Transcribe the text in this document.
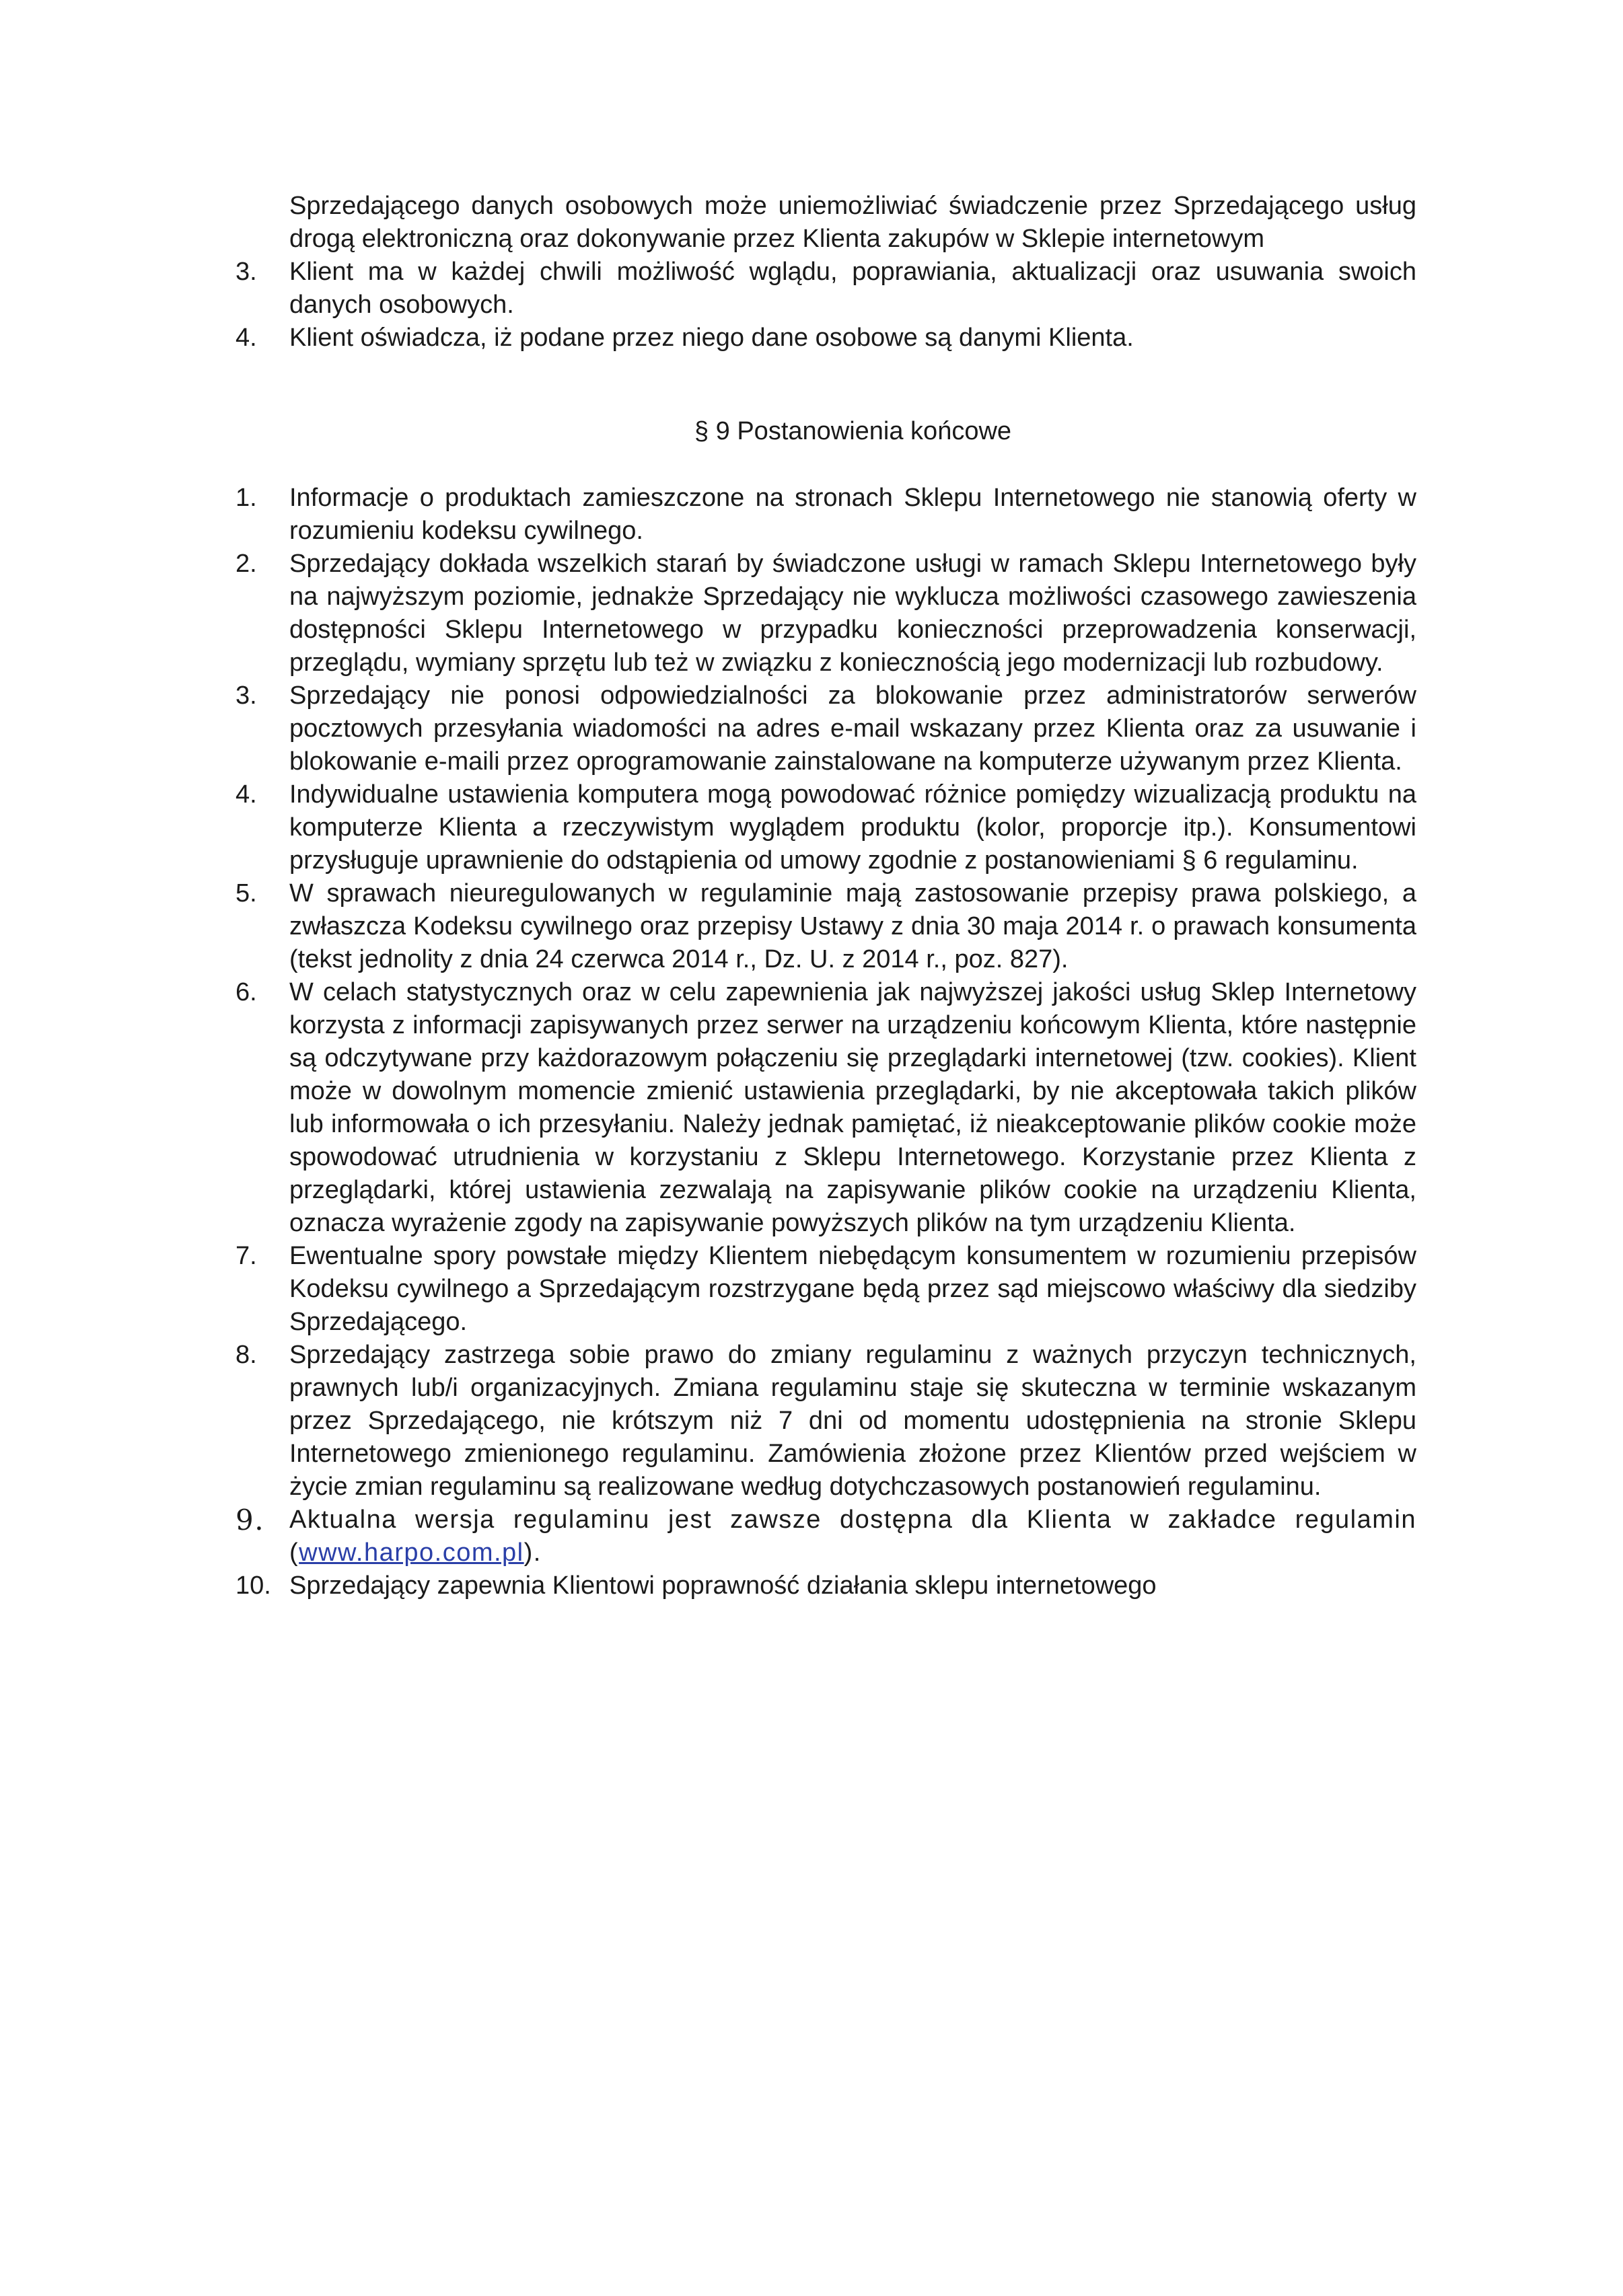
Sprzedającego danych osobowych może uniemożliwiać świadczenie przez Sprzedającego usług drogą elektroniczną oraz dokonywanie przez Klienta zakupów w Sklepie internetowym
3.	Klient ma w każdej chwili możliwość wglądu, poprawiania, aktualizacji oraz usuwania swoich danych osobowych.
4.	Klient oświadcza, iż podane przez niego dane osobowe są danymi Klienta.
§ 9 Postanowienia końcowe
1.	Informacje o produktach zamieszczone na stronach Sklepu Internetowego nie stanowią oferty w rozumieniu kodeksu cywilnego.
2.	Sprzedający dokłada wszelkich starań by świadczone usługi w ramach Sklepu Internetowego były na najwyższym poziomie, jednakże Sprzedający nie wyklucza możliwości czasowego zawieszenia dostępności Sklepu Internetowego w przypadku konieczności przeprowadzenia konserwacji, przeglądu, wymiany sprzętu lub też w związku z koniecznością jego modernizacji lub rozbudowy.
3.	Sprzedający nie ponosi odpowiedzialności za blokowanie przez administratorów serwerów pocztowych przesyłania wiadomości na adres e-mail wskazany przez Klienta oraz za usuwanie i blokowanie e-maili przez oprogramowanie zainstalowane na komputerze używanym przez Klienta.
4.	Indywidualne ustawienia komputera mogą powodować różnice pomiędzy wizualizacją produktu na komputerze Klienta a rzeczywistym wyglądem produktu (kolor, proporcje itp.). Konsumentowi przysługuje uprawnienie do odstąpienia od umowy zgodnie z postanowieniami § 6 regulaminu.
5.	W sprawach nieuregulowanych w regulaminie mają zastosowanie przepisy prawa polskiego, a zwłaszcza Kodeksu cywilnego oraz przepisy Ustawy z dnia 30 maja 2014 r. o prawach konsumenta (tekst jednolity z dnia 24 czerwca 2014 r., Dz. U. z 2014 r., poz. 827).
6.	W celach statystycznych oraz w celu zapewnienia jak najwyższej jakości usług Sklep Internetowy korzysta z informacji zapisywanych przez serwer na urządzeniu końcowym Klienta, które następnie są odczytywane przy każdorazowym połączeniu się przeglądarki internetowej (tzw. cookies). Klient może w dowolnym momencie zmienić ustawienia przeglądarki, by nie akceptowała takich plików lub informowała o ich przesyłaniu. Należy jednak pamiętać, iż nieakceptowanie plików cookie może spowodować utrudnienia w korzystaniu z Sklepu Internetowego. Korzystanie przez Klienta z przeglądarki, której ustawienia zezwalają na zapisywanie plików cookie na urządzeniu Klienta, oznacza wyrażenie zgody na zapisywanie powyższych plików na tym urządzeniu Klienta.
7.	Ewentualne spory powstałe między Klientem niebędącym konsumentem w rozumieniu przepisów Kodeksu cywilnego a Sprzedającym rozstrzygane będą przez sąd miejscowo właściwy dla siedziby Sprzedającego.
8.	Sprzedający zastrzega sobie prawo do zmiany regulaminu z ważnych przyczyn technicznych, prawnych lub/i organizacyjnych. Zmiana regulaminu staje się skuteczna w terminie wskazanym przez Sprzedającego, nie krótszym niż 7 dni od momentu udostępnienia na stronie Sklepu Internetowego zmienionego regulaminu. Zamówienia złożone przez Klientów przed wejściem w życie zmian regulaminu są realizowane według dotychczasowych postanowień regulaminu.
9. Aktualna wersja regulaminu jest zawsze dostępna dla Klienta w zakładce regulamin (www.harpo.com.pl).
10. Sprzedający zapewnia Klientowi poprawność działania sklepu internetowego
